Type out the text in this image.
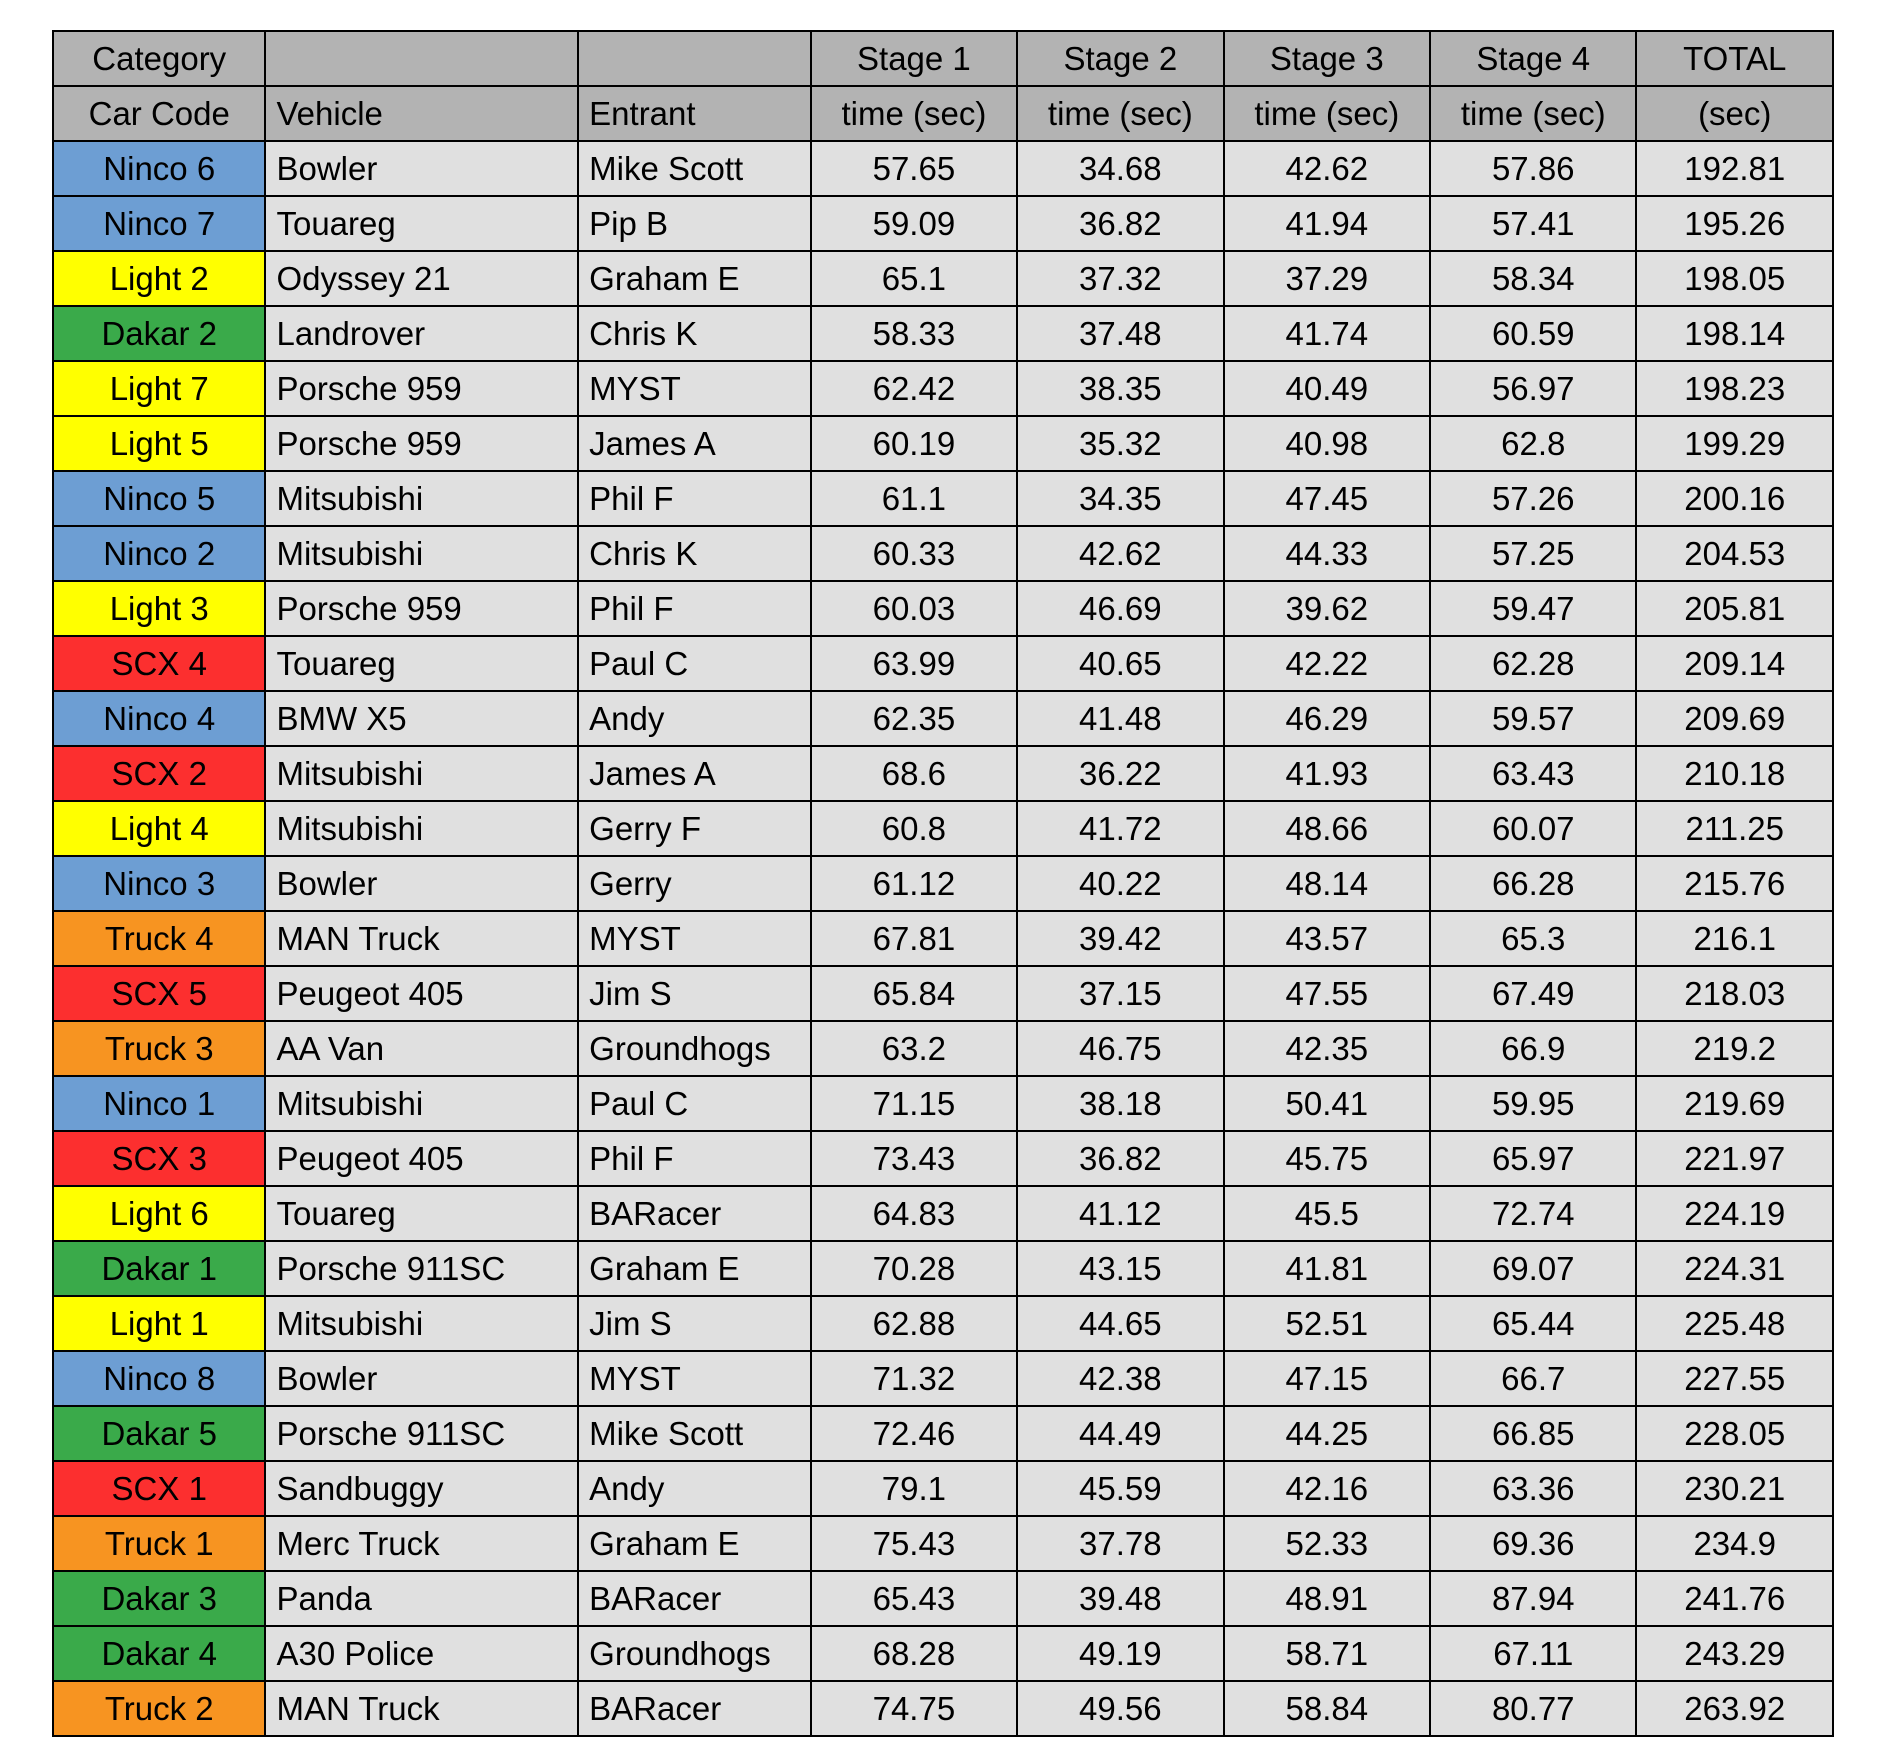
Category			Stage 1	Stage 2	Stage 3	Stage 4	TOTAL
Car Code	Vehicle	Entrant	time (sec)	time (sec)	time (sec)	time (sec)	(sec)
Ninco 6	Bowler	Mike Scott	57.65	34.68	42.62	57.86	192.81
Ninco 7	Touareg	Pip B	59.09	36.82	41.94	57.41	195.26
Light 2	Odyssey 21	Graham E	65.1	37.32	37.29	58.34	198.05
Dakar 2	Landrover	Chris K	58.33	37.48	41.74	60.59	198.14
Light 7	Porsche 959	MYST	62.42	38.35	40.49	56.97	198.23
Light 5	Porsche 959	James A	60.19	35.32	40.98	62.8	199.29
Ninco 5	Mitsubishi	Phil F	61.1	34.35	47.45	57.26	200.16
Ninco 2	Mitsubishi	Chris K	60.33	42.62	44.33	57.25	204.53
Light 3	Porsche 959	Phil F	60.03	46.69	39.62	59.47	205.81
SCX 4	Touareg	Paul C	63.99	40.65	42.22	62.28	209.14
Ninco 4	BMW X5	Andy	62.35	41.48	46.29	59.57	209.69
SCX 2	Mitsubishi	James A	68.6	36.22	41.93	63.43	210.18
Light 4	Mitsubishi	Gerry F	60.8	41.72	48.66	60.07	211.25
Ninco 3	Bowler	Gerry	61.12	40.22	48.14	66.28	215.76
Truck 4	MAN Truck	MYST	67.81	39.42	43.57	65.3	216.1
SCX 5	Peugeot 405	Jim S	65.84	37.15	47.55	67.49	218.03
Truck 3	AA Van	Groundhogs	63.2	46.75	42.35	66.9	219.2
Ninco 1	Mitsubishi	Paul C	71.15	38.18	50.41	59.95	219.69
SCX 3	Peugeot 405	Phil F	73.43	36.82	45.75	65.97	221.97
Light 6	Touareg	BARacer	64.83	41.12	45.5	72.74	224.19
Dakar 1	Porsche 911SC	Graham E	70.28	43.15	41.81	69.07	224.31
Light 1	Mitsubishi	Jim S	62.88	44.65	52.51	65.44	225.48
Ninco 8	Bowler	MYST	71.32	42.38	47.15	66.7	227.55
Dakar 5	Porsche 911SC	Mike Scott	72.46	44.49	44.25	66.85	228.05
SCX 1	Sandbuggy	Andy	79.1	45.59	42.16	63.36	230.21
Truck 1	Merc Truck	Graham E	75.43	37.78	52.33	69.36	234.9
Dakar 3	Panda	BARacer	65.43	39.48	48.91	87.94	241.76
Dakar 4	A30 Police	Groundhogs	68.28	49.19	58.71	67.11	243.29
Truck 2	MAN Truck	BARacer	74.75	49.56	58.84	80.77	263.92
